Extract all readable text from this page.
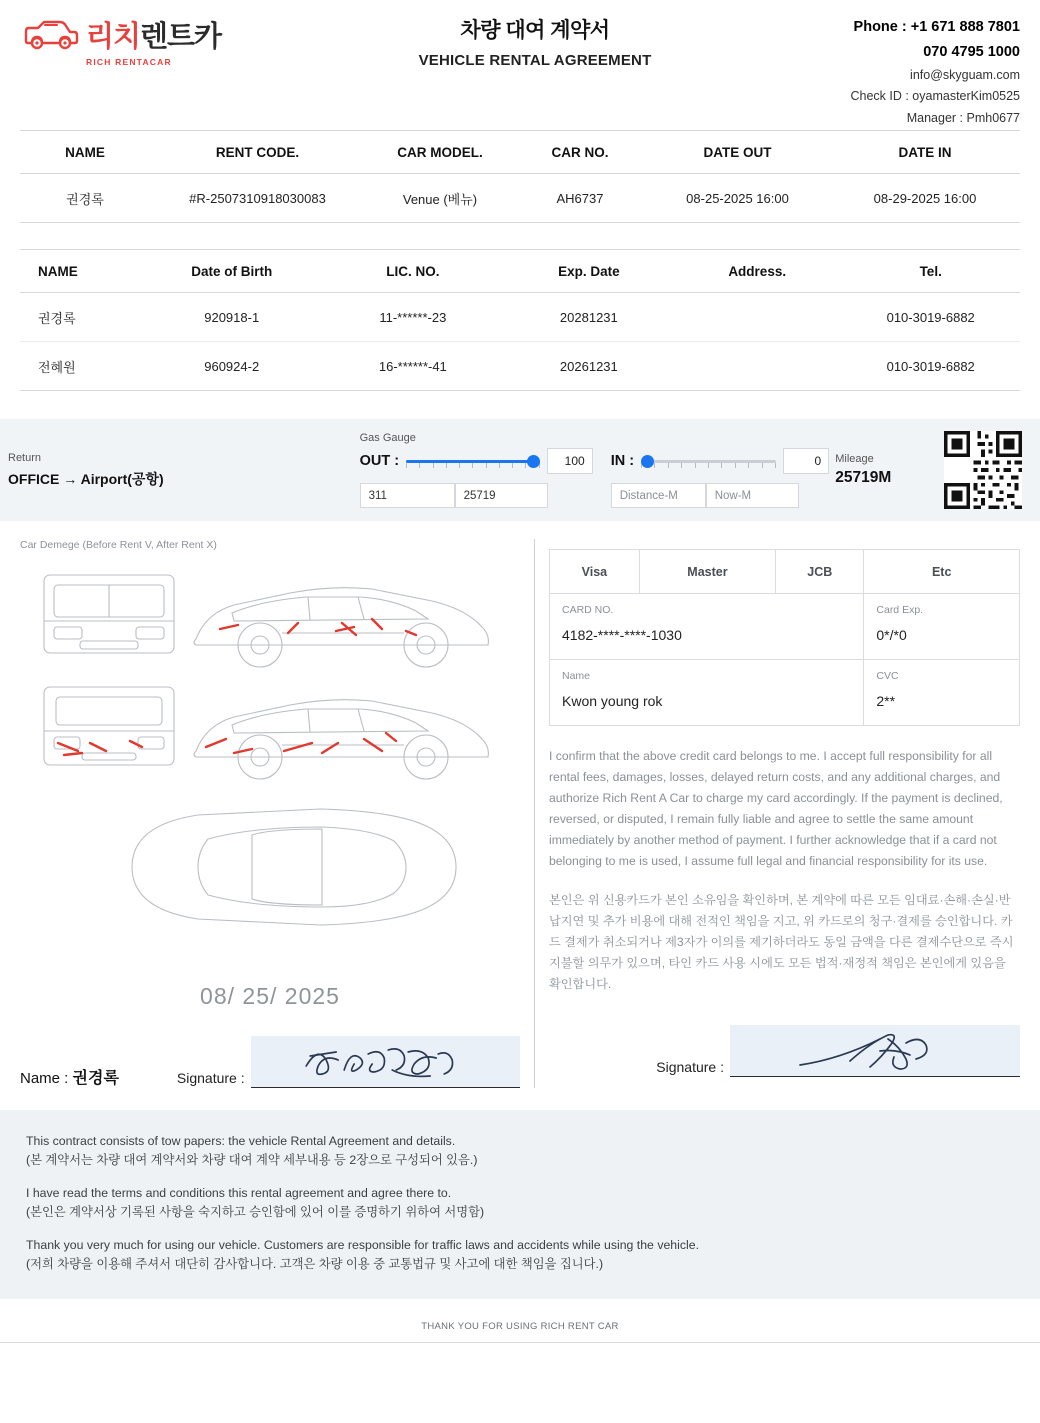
리치렌트카
RICH RENTACAR
차량 대여 계약서
VEHICLE RENTAL AGREEMENT
Phone : +1 671 888 7801
070 4795 1000
info@skyguam.com
Check ID : oyamasterKim0525
Manager : Pmh0677
NAME	RENT CODE.	CAR MODEL.	CAR NO.	DATE OUT	DATE IN
권경록	#R-2507310918030083	Venue (베뉴)	AH6737	08-25-2025 16:00	08-29-2025 16:00
NAME	Date of Birth	LIC. NO.	Exp. Date	Address.	Tel.
권경록	920918-1	11-******-23	20281231		010-3019-6882
전혜원	960924-2	16-******-41	20261231		010-3019-6882
Return
OFFICE → Airport(공항)
Gas Gauge
OUT :	100
311	25719
IN :	0
Distance-M	Now-M
Mileage
25719M
Car Demege (Before Rent V, After Rent X)
08/ 25/ 2025
Name : 권경록	Signature :
Visa	Master	JCB	Etc

CARD NO.
4182-****-****-1030

Card Exp.
0*/*0

Name
Kwon young rok

CVC
2**
I confirm that the above credit card belongs to me. I accept full responsibility for all rental fees, damages, losses, delayed return costs, and any additional charges, and authorize Rich Rent A Car to charge my card accordingly. If the payment is declined, reversed, or disputed, I remain fully liable and agree to settle the same amount immediately by another method of payment. I further acknowledge that if a card not belonging to me is used, I assume full legal and financial responsibility for its use.
본인은 위 신용카드가 본인 소유임을 확인하며, 본 계약에 따른 모든 임대료·손해·손실·반납지연 및 추가 비용에 대해 전적인 책임을 지고, 위 카드로의 청구·결제를 승인합니다. 카드 결제가 취소되거나 제3자가 이의를 제기하더라도 동일 금액을 다른 결제수단으로 즉시 지불할 의무가 있으며, 타인 카드 사용 시에도 모든 법적·재정적 책임은 본인에게 있음을 확인합니다.
Signature :

This contract consists of tow papers: the vehicle Rental Agreement and details.
(본 계약서는 차량 대여 계약서와 차량 대여 계약 세부내용 등 2장으로 구성되어 있음.)

I have read the terms and conditions this rental agreement and agree there to.
(본인은 계약서상 기록된 사항을 숙지하고 승인함에 있어 이를 증명하기 위하여 서명함)

Thank you very much for using our vehicle. Customers are responsible for traffic laws and accidents while using the vehicle.
(저희 차량을 이용해 주셔서 대단히 감사합니다. 고객은 차량 이용 중 교통법규 및 사고에 대한 책임을 집니다.)

THANK YOU FOR USING RICH RENT CAR
